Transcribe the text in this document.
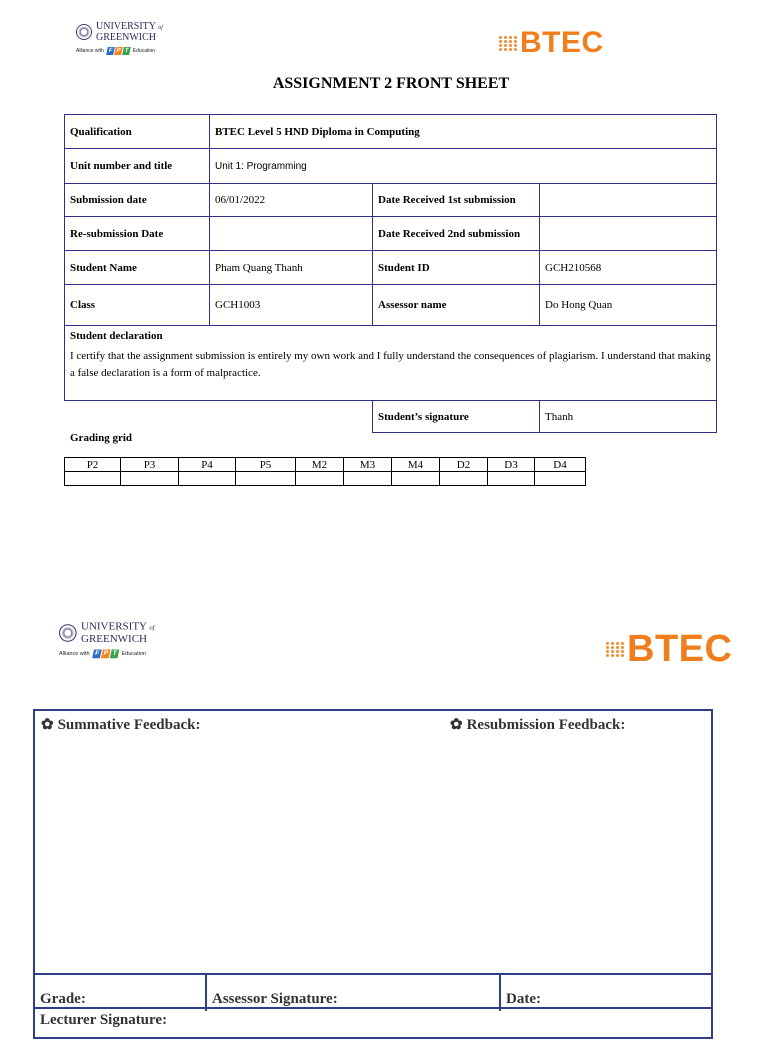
UNIVERSITY of
GREENWICH
Alliance with F P T Education	BTEC
ASSIGNMENT 2 FRONT SHEET
Qualification	BTEC Level 5 HND Diploma in Computing		
Unit number and title	Unit 1: Programming		
Submission date	06/01/2022	Date Received 1st submission	
Re-submission Date		Date Received 2nd submission	
Student Name	Pham Quang Thanh	Student ID	GCH210568
Class	GCH1003	Assessor name	Do Hong Quan

Student declaration
I certify that the assignment submission is entirely my own work and I fully understand the consequences of plagiarism. I understand that making a false declaration is a form of malpractice.			

		Student’s signature	Thanh
Grading grid
P2	P3	P4	P5	M2	M3	M4	D2	D3	D4

UNIVERSITY of
GREENWICH
Alliance with F P T Education	BTEC
✿ Summative Feedback:	✿ Resubmission Feedback:
Grade:	Assessor Signature:	Date:
Lecturer Signature:
